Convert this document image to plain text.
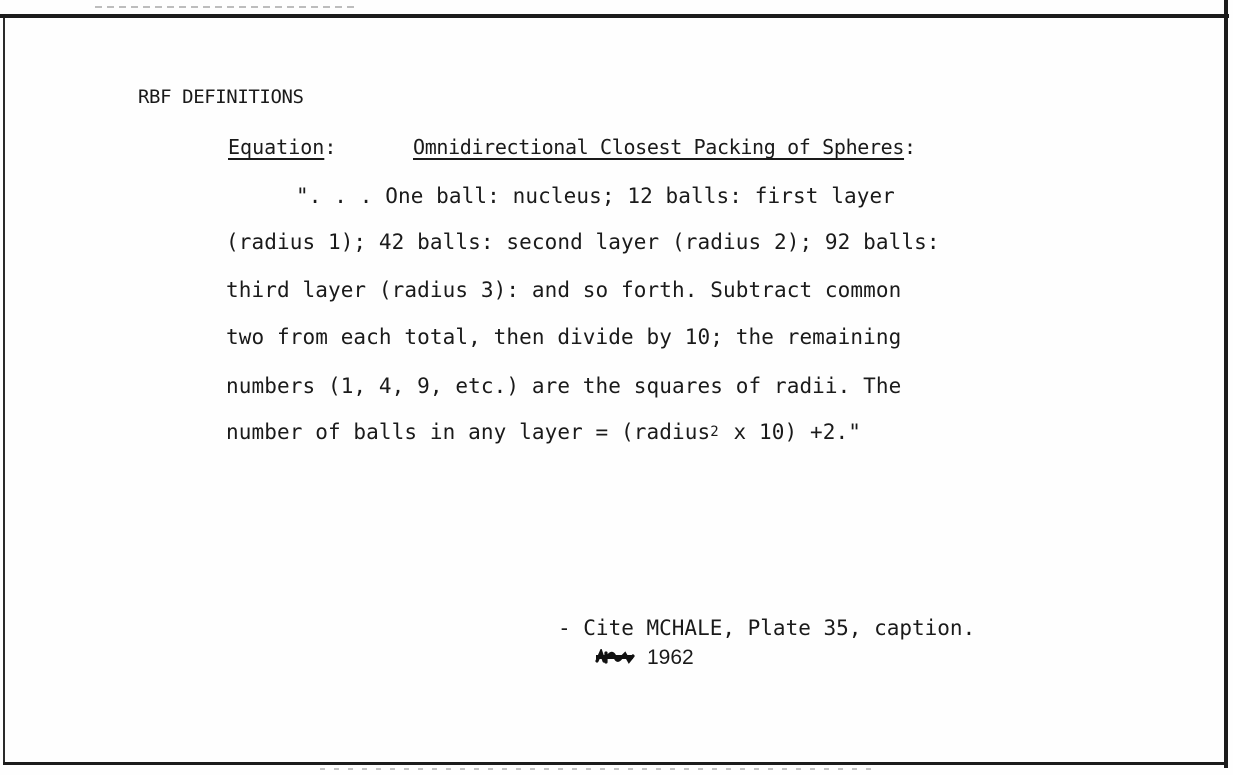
RBF DEFINITIONS
Equation:	Omnidirectional Closest Packing of Spheres:
". . . One ball: nucleus; 12 balls: first layer
(radius 1); 42 balls: second layer (radius 2); 92 balls:
third layer (radius 3): and so forth. Subtract common
two from each total, then divide by 10; the remaining
numbers (1, 4, 9, etc.) are the squares of radii. The
number of balls in any layer = (radius$^2$ x 10) +2."
- Cite MCHALE, Plate 35, caption.
1962
